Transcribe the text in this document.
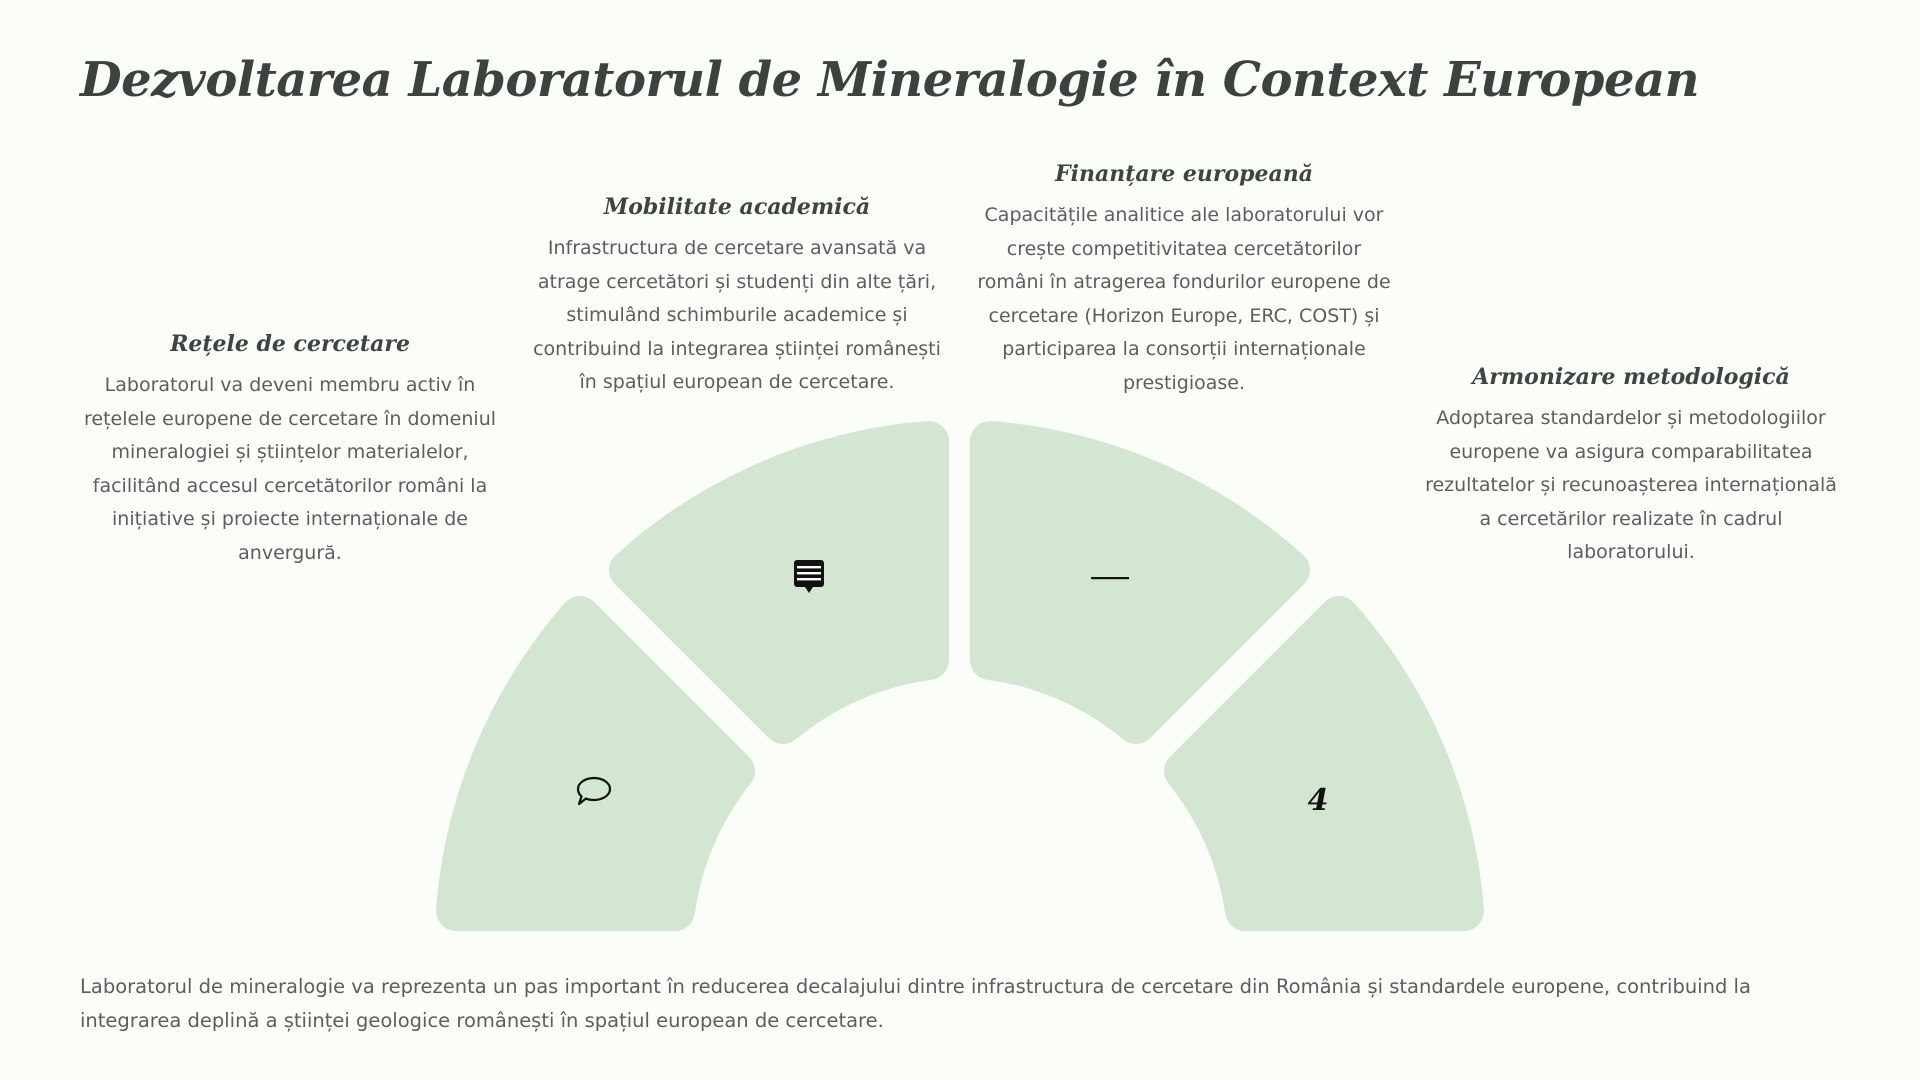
Dezvoltarea Laboratorul de Mineralogie în Context European
4
Rețele de cercetare

Laboratorul va deveni membru activ în rețelele europene de cercetare în domeniul mineralogiei și științelor materialelor, facilitând accesul cercetătorilor români la inițiative și proiecte internaționale de anvergură.

Mobilitate academică

Infrastructura de cercetare avansată va atrage cercetători și studenți din alte țări, stimulând schimburile academice și contribuind la integrarea științei românești în spațiul european de cercetare.

Finanțare europeană

Capacitățile analitice ale laboratorului vor crește competitivitatea cercetătorilor români în atragerea fondurilor europene de cercetare (Horizon Europe, ERC, COST) și participarea la consorții internaționale prestigioase.	Armonizare metodologică

Adoptarea standardelor și metodologiilor europene va asigura comparabilitatea rezultatelor și recunoașterea internațională a cercetărilor realizate în cadrul laboratorului.

Laboratorul de mineralogie va reprezenta un pas important în reducerea decalajului dintre infrastructura de cercetare din România și standardele europene, contribuind la integrarea deplină a științei geologice românești în spațiul european de cercetare.
